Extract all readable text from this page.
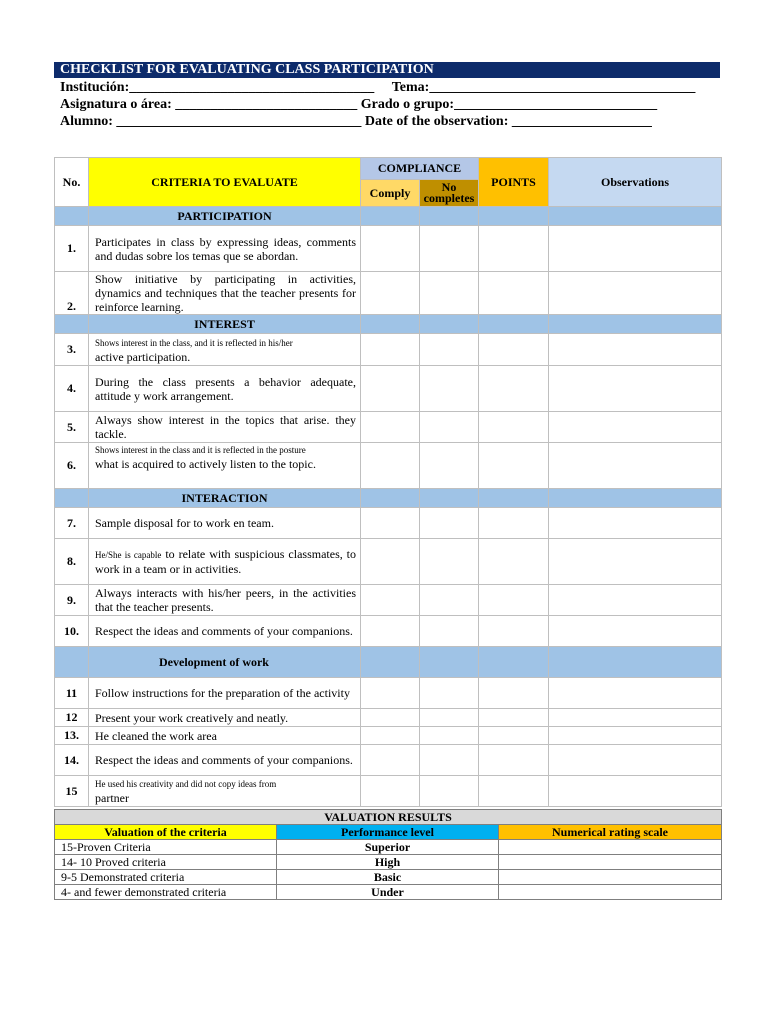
CHECKLIST FOR EVALUATING CLASS PARTICIPATION
Institución:___________________________________ Tema:______________________________________
Asignatura o área: __________________________ Grado o grupo:_____________________________
Alumno: ___________________________________ Date of the observation: ____________________
No.	CRITERIA TO EVALUATE	COMPLIANCE		POINTS	Observations
		Comply	No completes		
	PARTICIPATION				
1.	Participates in class by expressing ideas, comments and dudas sobre los temas que se abordan.				
2.	Show initiative by participating in activities, dynamics and techniques that the teacher presents for reinforce learning.				
	INTEREST				
3.	Shows interest in the class, and it is reflected in his/her
active participation.				

4.	During the class presents a behavior adequate, attitude y work arrangement.				
5.	Always show interest in the topics that arise. they tackle.				
6.	Shows interest in the class and it is reflected in the posture
what is acquired to actively listen to the topic.				

	INTERACTION				
7.	Sample disposal for to work en team.				
8.	He/She is capable to relate with suspicious classmates, to work in a team or in activities.				
9.	Always interacts with his/her peers, in the activities that the teacher presents.				
10.	Respect the ideas and comments of your companions.				
	Development of work				
11	Follow instructions for the preparation of the activity				
12	Present your work creatively and neatly.				
13.	He cleaned the work area				
14.	Respect the ideas and comments of your companions.				
15	He used his creativity and did not copy ideas from
partner				

VALUATION RESULTS		
Valuation of the criteria	Performance level	Numerical rating scale
15-Proven Criteria	Superior	
14- 10 Proved criteria	High	
9-5 Demonstrated criteria	Basic	
4- and fewer demonstrated criteria	Under	
